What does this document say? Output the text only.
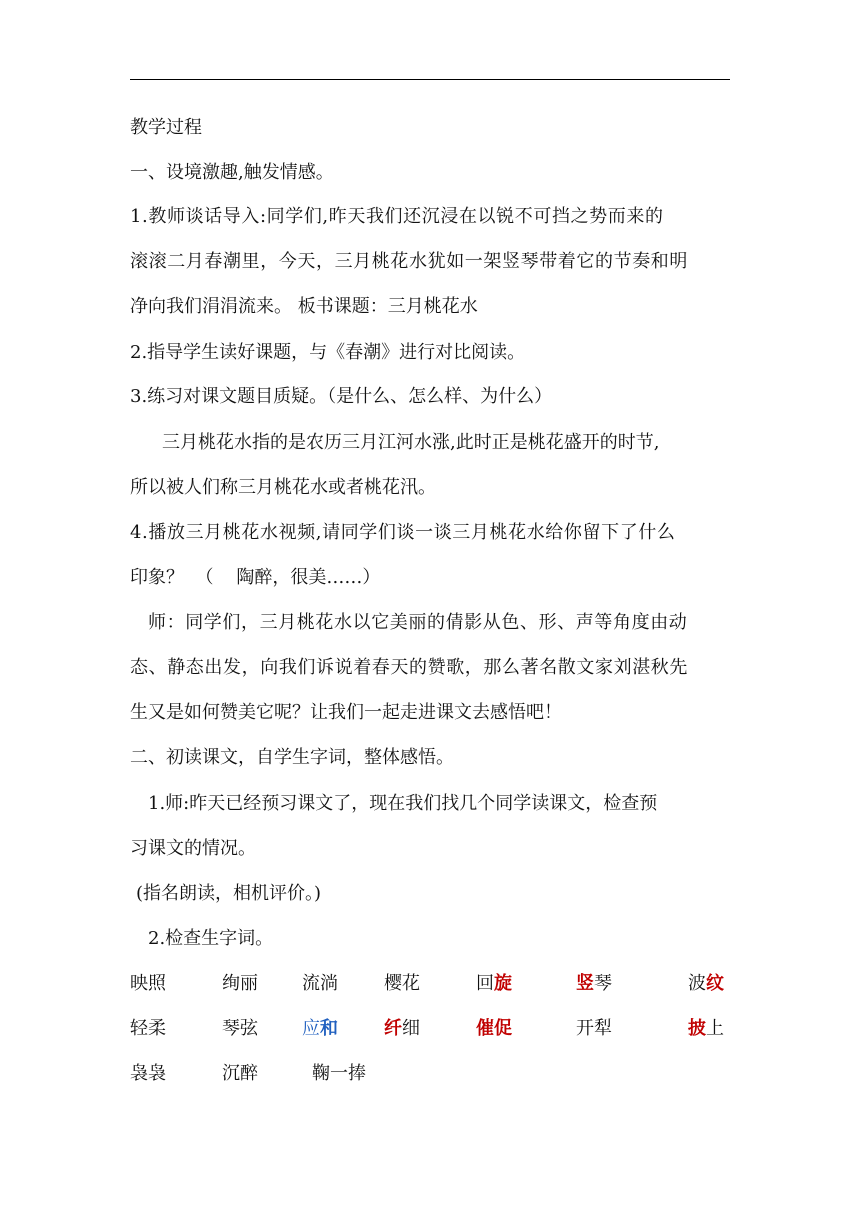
教学过程
一、设境激趣,触发情感。
1.教师谈话导入:同学们,昨天我们还沉浸在以锐不可挡之势而来的
滚滚二月春潮里，今天，三月桃花水犹如一架竖琴带着它的节奏和明
净向我们涓涓流来。 板书课题：三月桃花水
2.指导学生读好课题，与《春潮》进行对比阅读。
3.练习对课文题目质疑。（是什么、怎么样、为什么）
三月桃花水指的是农历三月江河水涨,此时正是桃花盛开的时节,
所以被人们称三月桃花水或者桃花汛。
4.播放三月桃花水视频,请同学们谈一谈三月桃花水给你留下了什么
印象？  （    陶醉，很美……）
师：同学们，三月桃花水以它美丽的倩影从色、形、声等角度由动
态、静态出发，向我们诉说着春天的赞歌，那么著名散文家刘湛秋先
生又是如何赞美它呢？让我们一起走进课文去感悟吧！
二、初读课文，自学生字词，整体感悟。
1.师:昨天已经预习课文了，现在我们找几个同学读课文，检查预
习课文的情况。
(指名朗读，相机评价。)
2.检查生字词。
映照	绚丽 流淌	樱花	回旋	竖琴	波纹
轻柔	琴弦 应和	纤细	催促	开犁	披上
袅袅	沉醉	鞠一捧
